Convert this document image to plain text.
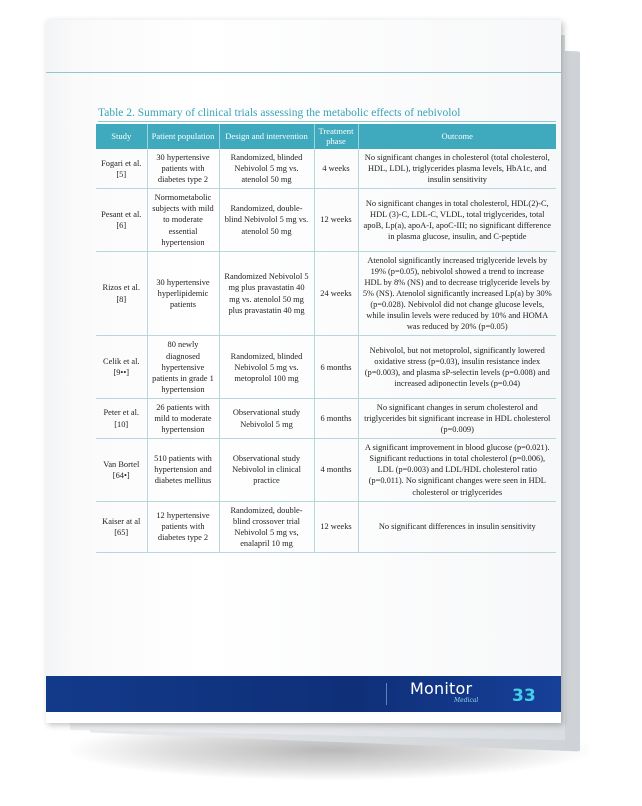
Table 2. Summary of clinical trials assessing the metabolic effects of nebivolol
Study	Patient population	Design and intervention	Treatment phase	Outcome
Fogari et al. [5]	30 hypertensive patients with diabetes type 2	Randomized, blinded Nebivolol 5 mg vs. atenolol 50 mg	4 weeks	No significant changes in cholesterol (total cholesterol, HDL, LDL), triglycerides plasma levels, HbA1c, and insulin sensitivity
Pesant et al. [6]	Normometabolic subjects with mild to moderate essential hypertension	Randomized, double-blind Nebivolol 5 mg vs. atenolol 50 mg	12 weeks	No significant changes in total cholesterol, HDL(2)-C, HDL (3)-C, LDL-C, VLDL, total triglycerides, total apoB, Lp(a), apoA-I, apoC-III; no significant difference in plasma glucose, insulin, and C-peptide
Rizos et al. [8]	30 hypertensive hyperlipidemic patients	Randomized Nebivolol 5 mg plus pravastatin 40 mg vs. atenolol 50 mg plus pravastatin 40 mg	24 weeks	Atenolol significantly increased triglyceride levels by 19% (p=0.05), nebivolol showed a trend to increase HDL by 8% (NS) and to decrease triglyceride levels by 5% (NS). Atenolol significantly increased Lp(a) by 30% (p=0.028). Nebivolol did not change glucose levels, while insulin levels were reduced by 10% and HOMA was reduced by 20% (p=0.05)
Celik et al. [9••]	80 newly diagnosed hypertensive patients in grade 1 hypertension	Randomized, blinded Nebivolol 5 mg vs. metoprolol 100 mg	6 months	Nebivolol, but not metoprolol, significantly lowered oxidative stress (p=0.03), insulin resistance index (p=0.003), and plasma sP-selectin levels (p=0.008) and increased adiponectin levels (p=0.04)
Peter et al. [10]	26 patients with mild to moderate hypertension	Observational study Nebivolol 5 mg	6 months	No significant changes in serum cholesterol and triglycerides bit significant increase in HDL cholesterol (p=0.009)
Van Bortel [64•]	510 patients with hypertension and diabetes mellitus	Observational study Nebivolol in clinical practice	4 months	A significant improvement in blood glucose (p=0.021). Significant reductions in total cholesterol (p=0.006), LDL (p=0.003) and LDL/HDL cholesterol ratio (p=0.011). No significant changes were seen in HDL cholesterol or triglycerides
Kaiser at al [65]	12 hypertensive patients with diabetes type 2	Randomized, double-blind crossover trial Nebivolol 5 mg vs, enalapril 10 mg	12 weeks	No significant differences in insulin sensitivity
Monitor
Medical 33
